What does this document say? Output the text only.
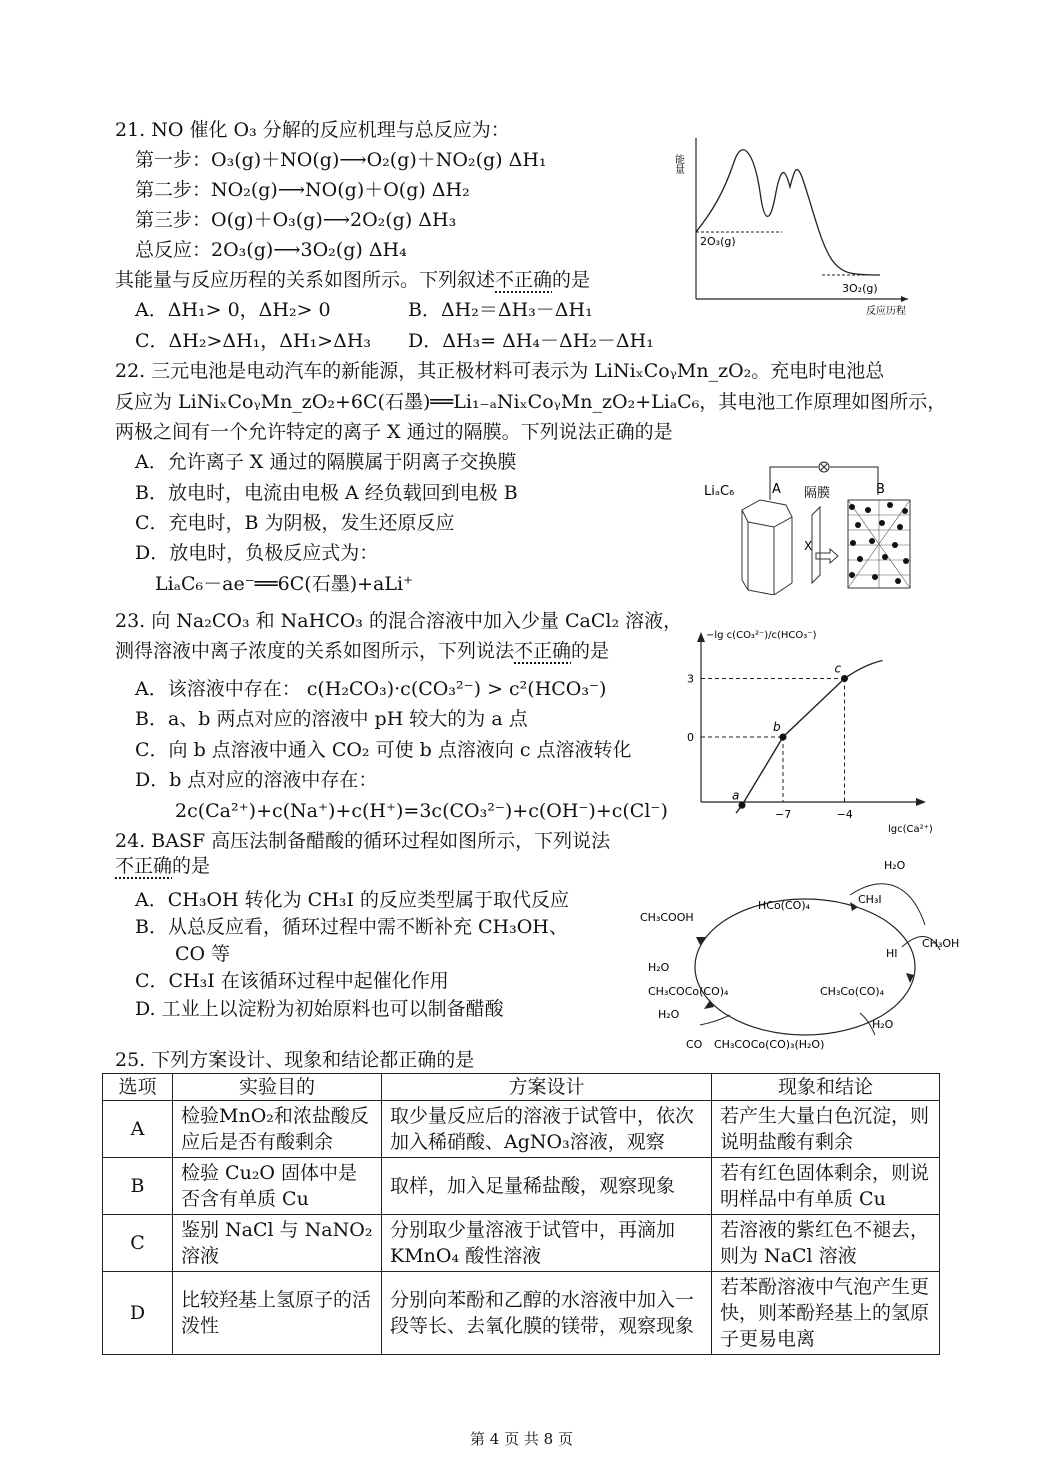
21. NO 催化 O₃ 分解的反应机理与总反应为：
第一步：O₃(g)＋NO(g)⟶O₂(g)＋NO₂(g) ΔH₁
第二步：NO₂(g)⟶NO(g)＋O(g) ΔH₂
第三步：O(g)＋O₃(g)⟶2O₂(g) ΔH₃
总反应：2O₃(g)⟶3O₂(g) ΔH₄
其能量与反应历程的关系如图所示。下列叙述不正确的是
A．ΔH₁> 0，ΔH₂> 0	B．ΔH₂＝ΔH₃－ΔH₁
C．ΔH₂>ΔH₁，ΔH₁>ΔH₃ D．ΔH₃= ΔH₄－ΔH₂－ΔH₁
能量
2O₃(g)
3O₂(g)
反应历程
22. 三元电池是电动汽车的新能源，其正极材料可表示为 LiNiₓCoᵧMn_zO₂。充电时电池总
反应为 LiNiₓCoᵧMn_zO₂+6C(石墨)══Li₁₋ₐNiₓCoᵧMn_zO₂+LiₐC₆，其电池工作原理如图所示，
两极之间有一个允许特定的离子 X 通过的隔膜。下列说法正确的是
A．允许离子 X 通过的隔膜属于阴离子交换膜
B．放电时，电流由电极 A 经负载回到电极 B
C．充电时，B 为阴极，发生还原反应
D．放电时，负极反应式为：
LiₐC₆－ae⁻══6C(石墨)+aLi⁺
LiₐC₆	A 隔膜	B
X
23. 向 Na₂CO₃ 和 NaHCO₃ 的混合溶液中加入少量 CaCl₂ 溶液，
测得溶液中离子浓度的关系如图所示，下列说法不正确的是
A．该溶液中存在： c(H₂CO₃)·c(CO₃²⁻) > c²(HCO₃⁻)
B．a、b 两点对应的溶液中 pH 较大的为 a 点
C．向 b 点溶液中通入 CO₂ 可使 b 点溶液向 c 点溶液转化
D．b 点对应的溶液中存在：
2c(Ca²⁺)+c(Na⁺)+c(H⁺)=3c(CO₃²⁻)+c(OH⁻)+c(Cl⁻)
−lg c(CO₃²⁻)/c(HCO₃⁻)
lgc(Ca²⁺)
0
−7
3
−4
a
b
c
24. BASF 高压法制备醋酸的循环过程如图所示，下列说法
不正确的是
A．CH₃OH 转化为 CH₃I 的反应类型属于取代反应
B．从总反应看，循环过程中需不断补充 CH₃OH、
CO 等
C．CH₃I 在该循环过程中起催化作用
D. 工业上以淀粉为初始原料也可以制备醋酸
H₂O
HCo(CO)₄	CH₃I
CH₃COOH
CH₃OH
HI
H₂O
CH₃COCo(CO)₄	CH₃Co(CO)₄
H₂O
H₂O
CO CH₃COCo(CO)₃(H₂O)
25. 下列方案设计、现象和结论都正确的是
选项	实验目的	方案设计	现象和结论
A	检验MnO₂和浓盐酸反应后是否有酸剩余	取少量反应后的溶液于试管中，依次加入稀硝酸、AgNO₃溶液，观察	若产生大量白色沉淀，则说明盐酸有剩余
B	检验 Cu₂O 固体中是否含有单质 Cu	取样，加入足量稀盐酸，观察现象	若有红色固体剩余，则说明样品中有单质 Cu
C	鉴别 NaCl 与 NaNO₂ 溶液	分别取少量溶液于试管中，再滴加 KMnO₄ 酸性溶液	若溶液的紫红色不褪去，则为 NaCl 溶液
D	比较羟基上氢原子的活泼性	分别向苯酚和乙醇的水溶液中加入一段等长、去氧化膜的镁带，观察现象	若苯酚溶液中气泡产生更快，则苯酚羟基上的氢原子更易电离
第 4 页 共 8 页
